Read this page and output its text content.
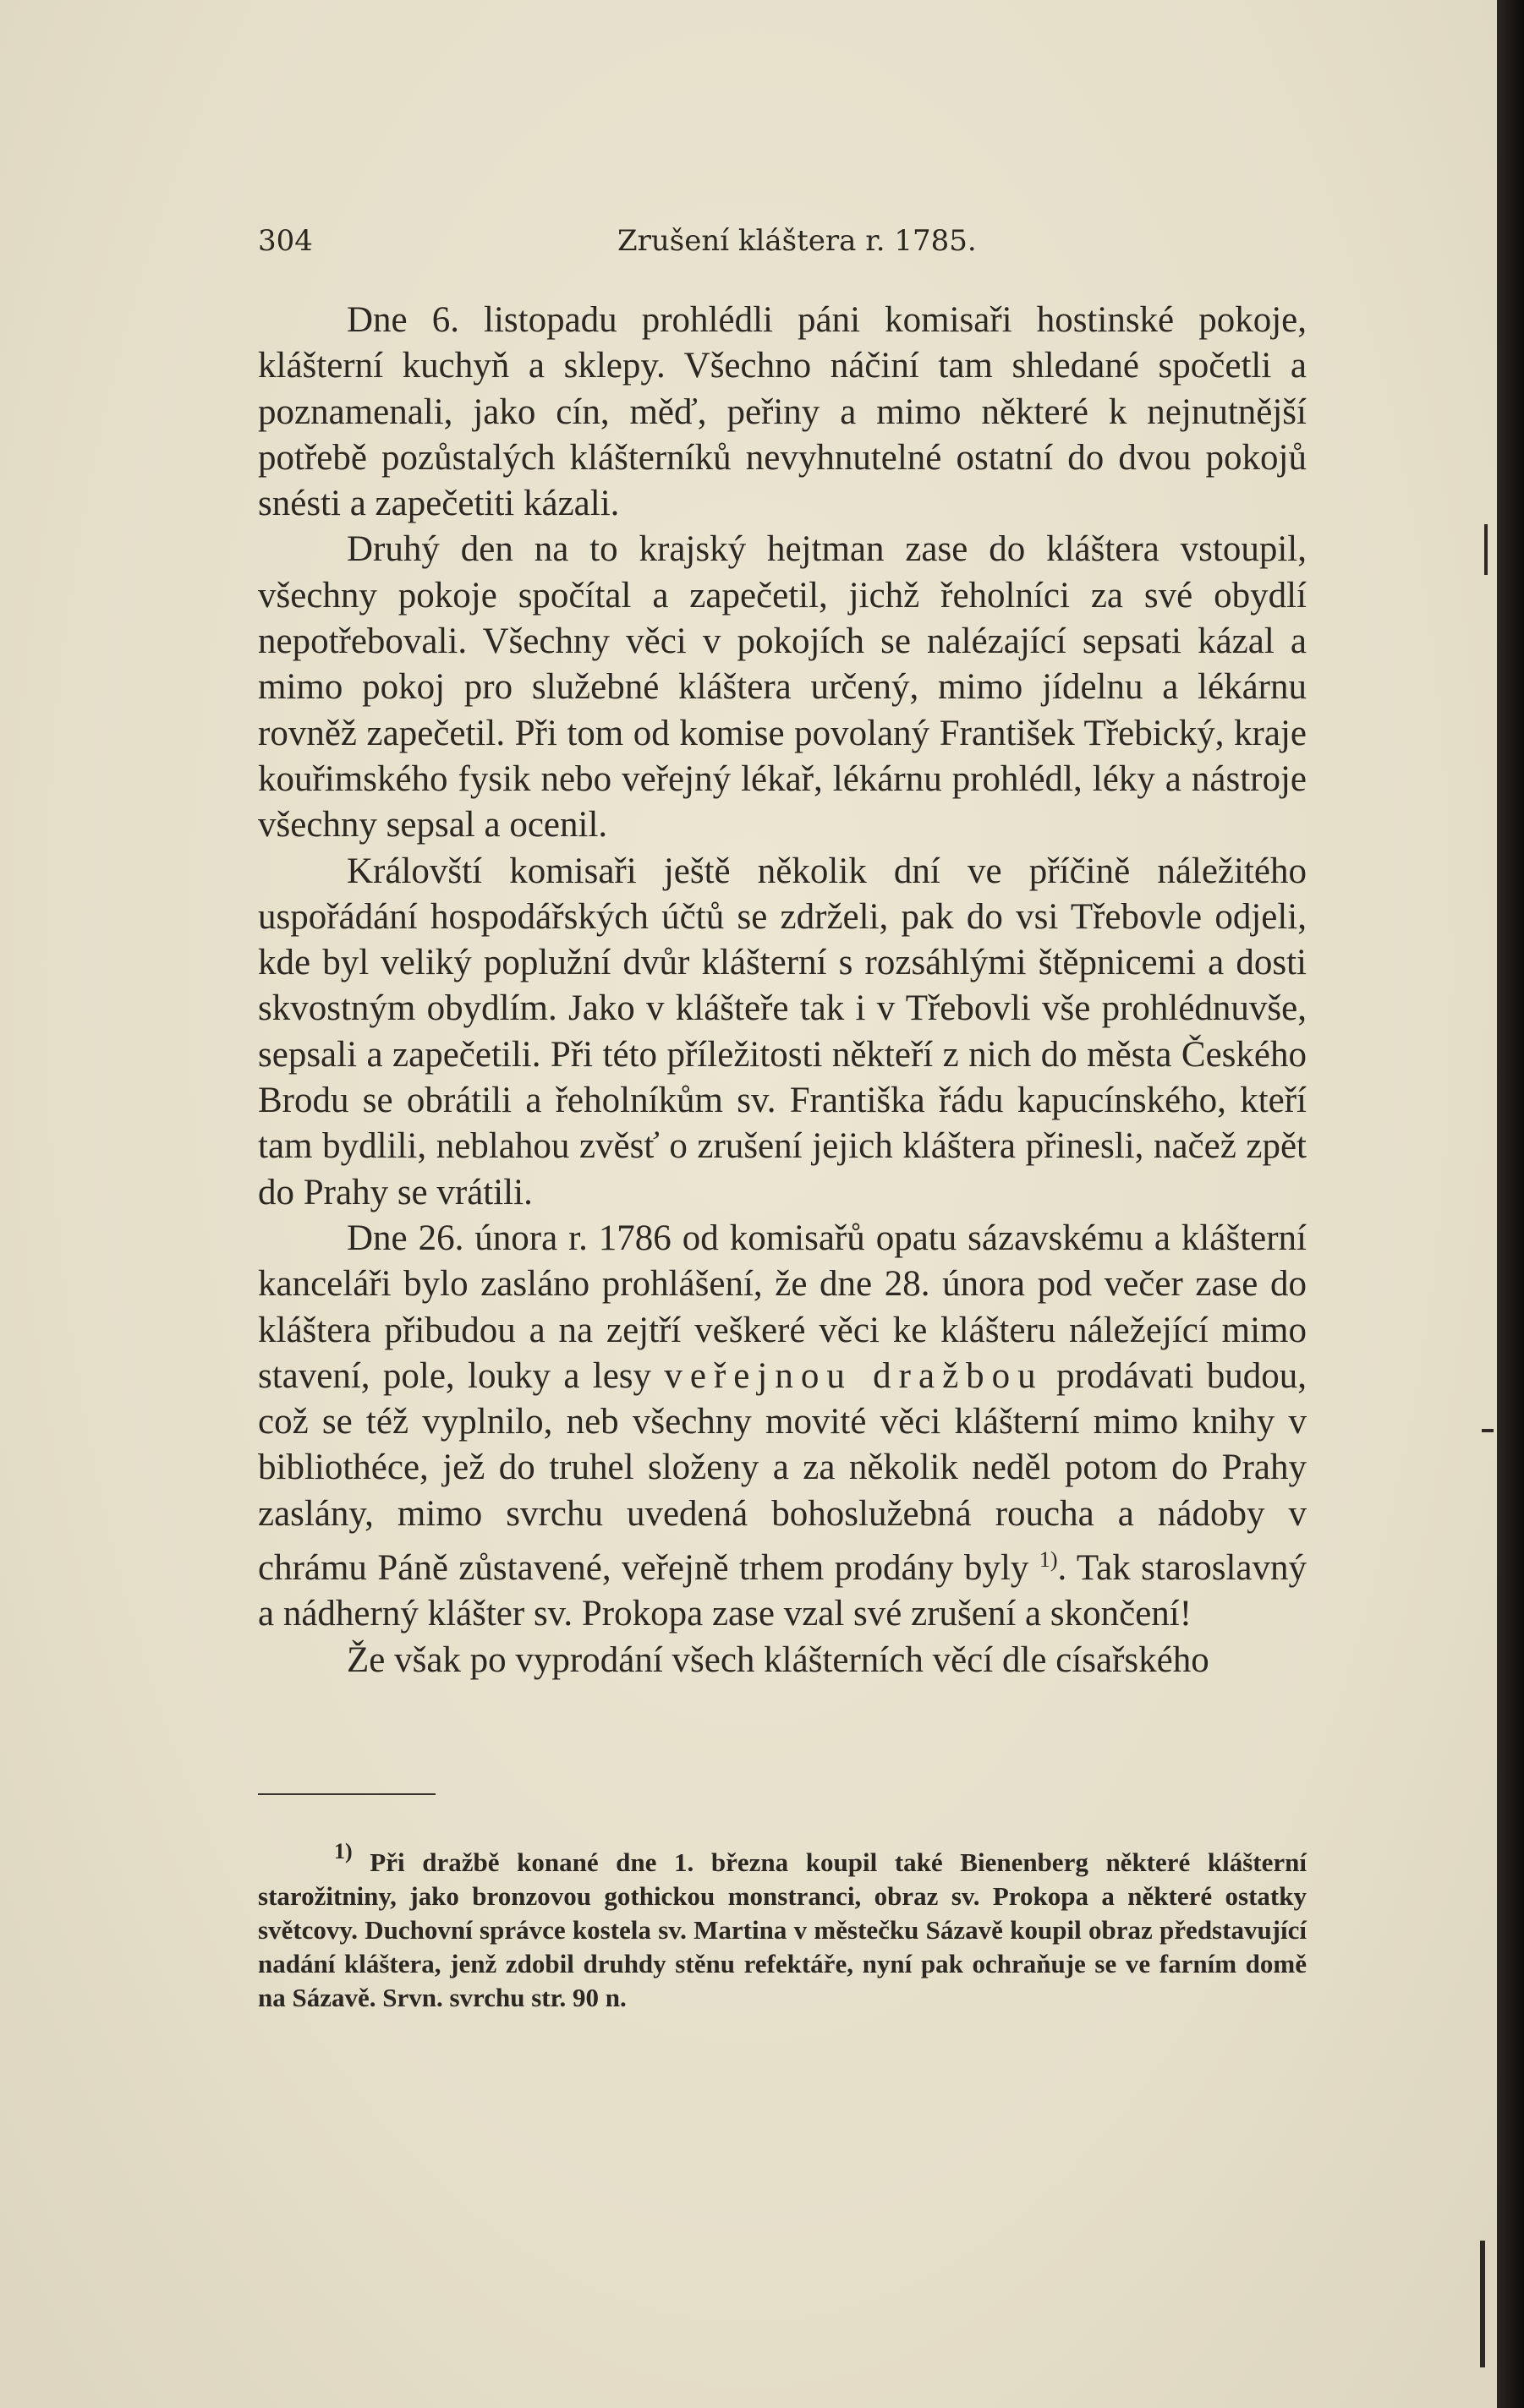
304	Zrušení kláštera r. 1785.

Dne 6. listopadu prohlédli páni komisaři hostinské pokoje, klášterní kuchyň a sklepy. Všechno náčiní tam shledané spočetli a poznamenali, jako cín, měď, peřiny a mimo některé k nejnutnější potřebě pozůstalých klášterníků nevyhnutelné ostatní do dvou pokojů snésti a zapečetiti kázali.

Druhý den na to krajský hejtman zase do kláštera vstoupil, všechny pokoje spočítal a zapečetil, jichž řeholníci za své obydlí nepotřebovali. Všechny věci v pokojích se nalézající sepsati kázal a mimo pokoj pro služebné kláštera určený, mimo jídelnu a lékárnu rovněž zapečetil. Při tom od komise povolaný František Třebický, kraje kouřimského fysik nebo veřejný lékař, lékárnu prohlédl, léky a nástroje všechny sepsal a ocenil.

Královští komisaři ještě několik dní ve příčině náležitého uspořádání hospodářských účtů se zdrželi, pak do vsi Třebovle odjeli, kde byl veliký poplužní dvůr klášterní s rozsáhlými štěpnicemi a dosti skvostným obydlím. Jako v klášteře tak i v Třebovli vše prohlédnuvše, sepsali a zapečetili. Při této příležitosti někteří z nich do města Českého Brodu se obrátili a řeholníkům sv. Františka řádu kapucínského, kteří tam bydlili, neblahou zvěsť o zrušení jejich kláštera přinesli, načež zpět do Prahy se vrátili.

Dne 26. února r. 1786 od komisařů opatu sázavskému a klášterní kanceláři bylo zasláno prohlášení, že dne 28. února pod večer zase do kláštera přibudou a na zejtří veškeré věci ke klášteru náležející mimo stavení, pole, louky a lesy veřejnou dražbou prodávati budou, což se též vyplnilo, neb všechny movité věci klášterní mimo knihy v bibliothéce, jež do truhel složeny a za několik neděl potom do Prahy zaslány, mimo svrchu uvedená bohoslužebná roucha a nádoby v chrámu Páně zůstavené, veřejně trhem prodány byly $^{1)}$. Tak staroslavný a nádherný klášter sv. Prokopa zase vzal své zrušení a skončení!

Že však po vyprodání všech klášterních věcí dle císařského

$^{1)}$ Při dražbě konané dne 1. března koupil také Bienenberg některé klášterní starožitniny, jako bronzovou gothickou monstranci, obraz sv. Prokopa a některé ostatky světcovy. Duchovní správce kostela sv. Martina v městečku Sázavě koupil obraz představující nadání kláštera, jenž zdobil druhdy stěnu refektáře, nyní pak ochraňuje se ve farním domě na Sázavě. Srvn. svrchu str. 90 n.
